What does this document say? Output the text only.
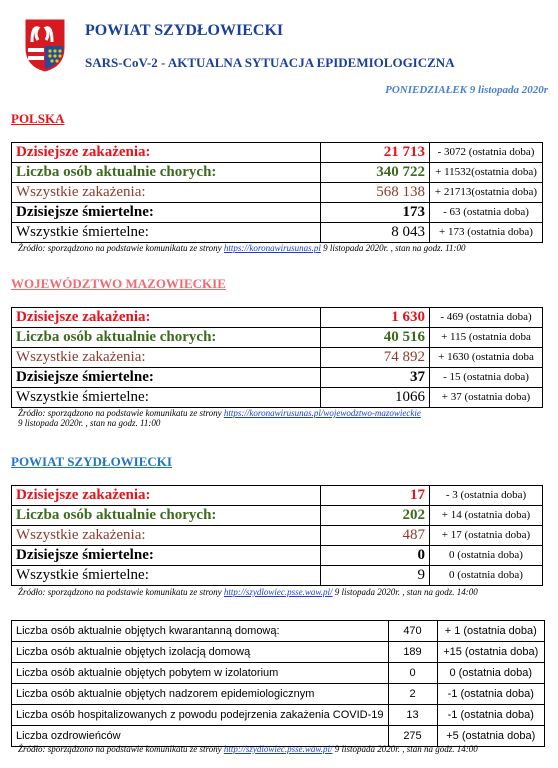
POWIAT SZYDŁOWIECKI
SARS-CoV-2 - AKTUALNA SYTUACJA EPIDEMIOLOGICZNA
PONIEDZIAŁEK 9 listopada 2020r
POLSKA
Dzisiejsze zakażenia:	21 713	- 3072 (ostatnia doba)
Liczba osób aktualnie chorych:	340 722	+ 11532(ostatnia doba)
Wszystkie zakażenia:	568 138	+ 21713(ostatnia doba)
Dzisiejsze śmiertelne:	173	- 63 (ostatnia doba)
Wszystkie śmiertelne:	8 043	+ 173 (ostatnia doba)
Źródło: sporządzono na podstawie komunikatu ze strony https://koronawirusunas.pl 9 listopada 2020r. , stan na godz. 11:00
WOJEWÓDZTWO MAZOWIECKIE
Dzisiejsze zakażenia:	1 630	- 469 (ostatnia doba)
Liczba osób aktualnie chorych:	40 516	+ 115 (ostatnia doba
Wszystkie zakażenia:	74 892	+ 1630 (ostatnia doba
Dzisiejsze śmiertelne:	37	- 15 (ostatnia doba)
Wszystkie śmiertelne:	1066	+ 37 (ostatnia doba)
Źródło: sporządzono na podstawie komunikatu ze strony https://koronawirusunas.pl/wojewodztwo-mazowieckie
9 listopada 2020r. , stan na godz. 11:00
POWIAT SZYDŁOWIECKI
Dzisiejsze zakażenia:	17	- 3 (ostatnia doba)
Liczba osób aktualnie chorych:	202	+ 14 (ostatnia doba)
Wszystkie zakażenia:	487	+ 17 (ostatnia doba)
Dzisiejsze śmiertelne:	0	0 (ostatnia doba)
Wszystkie śmiertelne:	9	0 (ostatnia doba)
Źródło: sporządzono na podstawie komunikatu ze strony http://szydlowiec.psse.waw.pl/ 9 listopada 2020r. , stan na godz. 14:00
Liczba osób aktualnie objętych kwarantanną domową:	470	+ 1 (ostatnia doba)
Liczba osób aktualnie objętych izolacją domową	189	+15 (ostatnia doba)
Liczba osób aktualnie objętych pobytem w izolatorium	0	0 (ostatnia doba)
Liczba osób aktualnie objętych nadzorem epidemiologicznym	2	-1 (ostatnia doba)
Liczba osób hospitalizowanych z powodu podejrzenia zakażenia COVID-19	13	-1 (ostatnia doba)
Liczba ozdrowieńców	275	+5 (ostatnia doba)
Źródło: sporządzono na podstawie komunikatu ze strony http://szydlowiec.psse.waw.pl/ 9 listopada 2020r. , stan na godz. 14:00
